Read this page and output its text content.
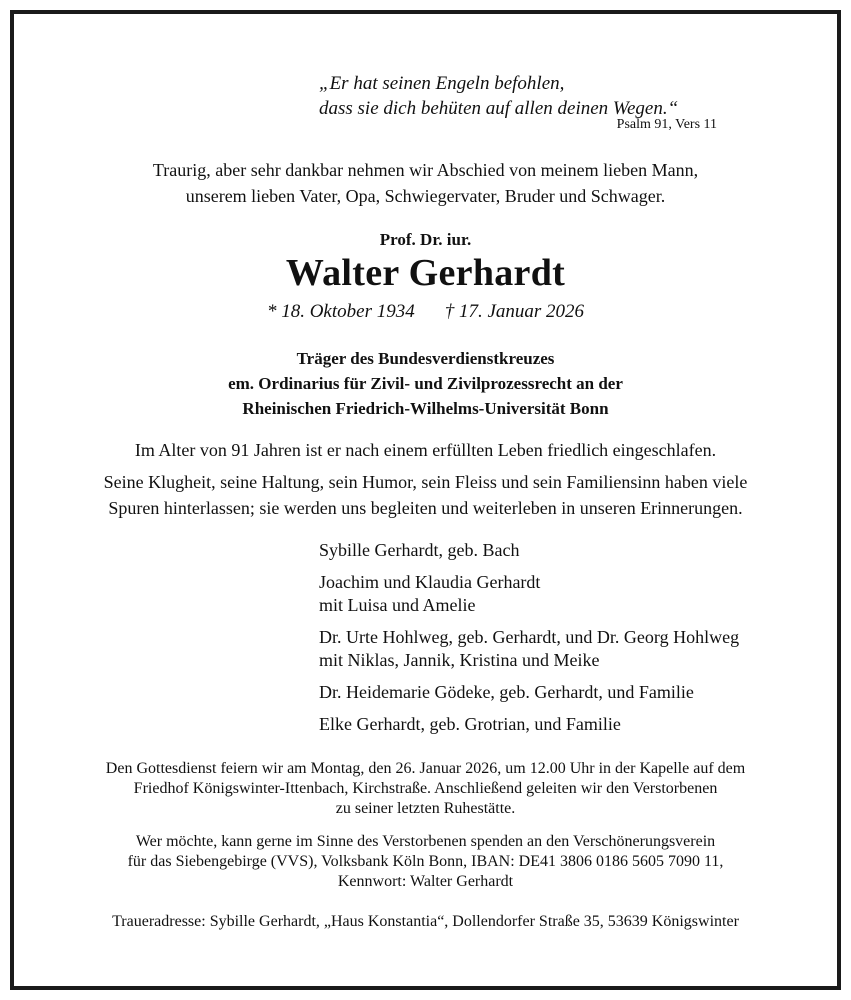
„Er hat seinen Engeln befohlen,
dass sie dich behüten auf allen deinen Wegen.“
Psalm 91, Vers 11
Traurig, aber sehr dankbar nehmen wir Abschied von meinem lieben Mann,
unserem lieben Vater, Opa, Schwiegervater, Bruder und Schwager.
Prof. Dr. iur.
Walter Gerhardt
* 18. Oktober 1934 † 17. Januar 2026
Träger des Bundesverdienstkreuzes
em. Ordinarius für Zivil- und Zivilprozessrecht an der
Rheinischen Friedrich-Wilhelms-Universität Bonn
Im Alter von 91 Jahren ist er nach einem erfüllten Leben friedlich eingeschlafen.
Seine Klugheit, seine Haltung, sein Humor, sein Fleiss und sein Familiensinn haben viele
Spuren hinterlassen; sie werden uns begleiten und weiterleben in unseren Erinnerungen.
Sybille Gerhardt, geb. Bach
Joachim und Klaudia Gerhardt
mit Luisa und Amelie
Dr. Urte Hohlweg, geb. Gerhardt, und Dr. Georg Hohlweg
mit Niklas, Jannik, Kristina und Meike
Dr. Heidemarie Gödeke, geb. Gerhardt, und Familie
Elke Gerhardt, geb. Grotrian, und Familie
Den Gottesdienst feiern wir am Montag, den 26. Januar 2026, um 12.00 Uhr in der Kapelle auf dem
Friedhof Königswinter-Ittenbach, Kirchstraße. Anschließend geleiten wir den Verstorbenen
zu seiner letzten Ruhestätte.
Wer möchte, kann gerne im Sinne des Verstorbenen spenden an den Verschönerungsverein
für das Siebengebirge (VVS), Volksbank Köln Bonn, IBAN: DE41 3806 0186 5605 7090 11,
Kennwort: Walter Gerhardt
Traueradresse: Sybille Gerhardt, „Haus Konstantia“, Dollendorfer Straße 35, 53639 Königswinter
